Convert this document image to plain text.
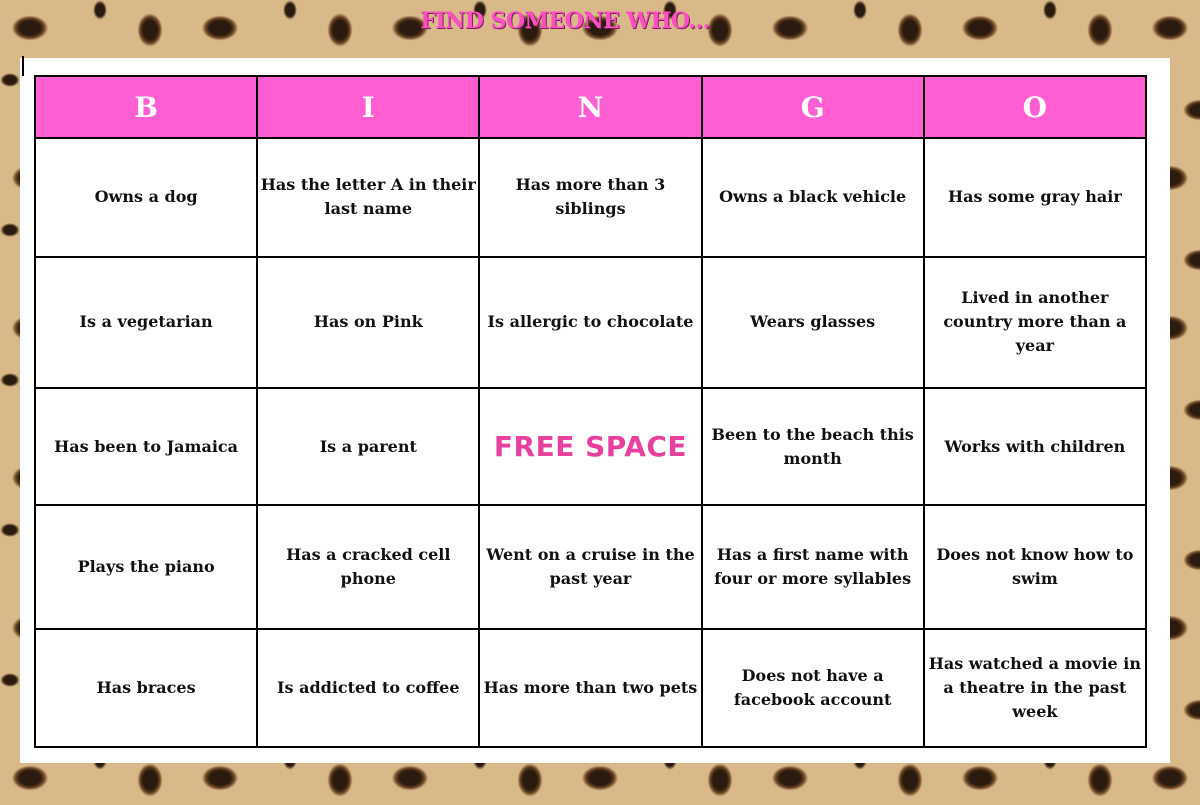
FIND SOMEONE WHO...
B	I	N	G	O
Owns a dog	Has the letter A in their last name	Has more than 3 siblings	Owns a black vehicle	Has some gray hair
Is a vegetarian	Has on Pink	Is allergic to chocolate	Wears glasses	Lived in another country more than a year
Has been to Jamaica	Is a parent	FREE SPACE	Been to the beach this month	Works with children
Plays the piano	Has a cracked cell phone	Went on a cruise in the past year	Has a first name with four or more syllables	Does not know how to swim
Has braces	Is addicted to coffee	Has more than two pets	Does not have a facebook account	Has watched a movie in a theatre in the past week
